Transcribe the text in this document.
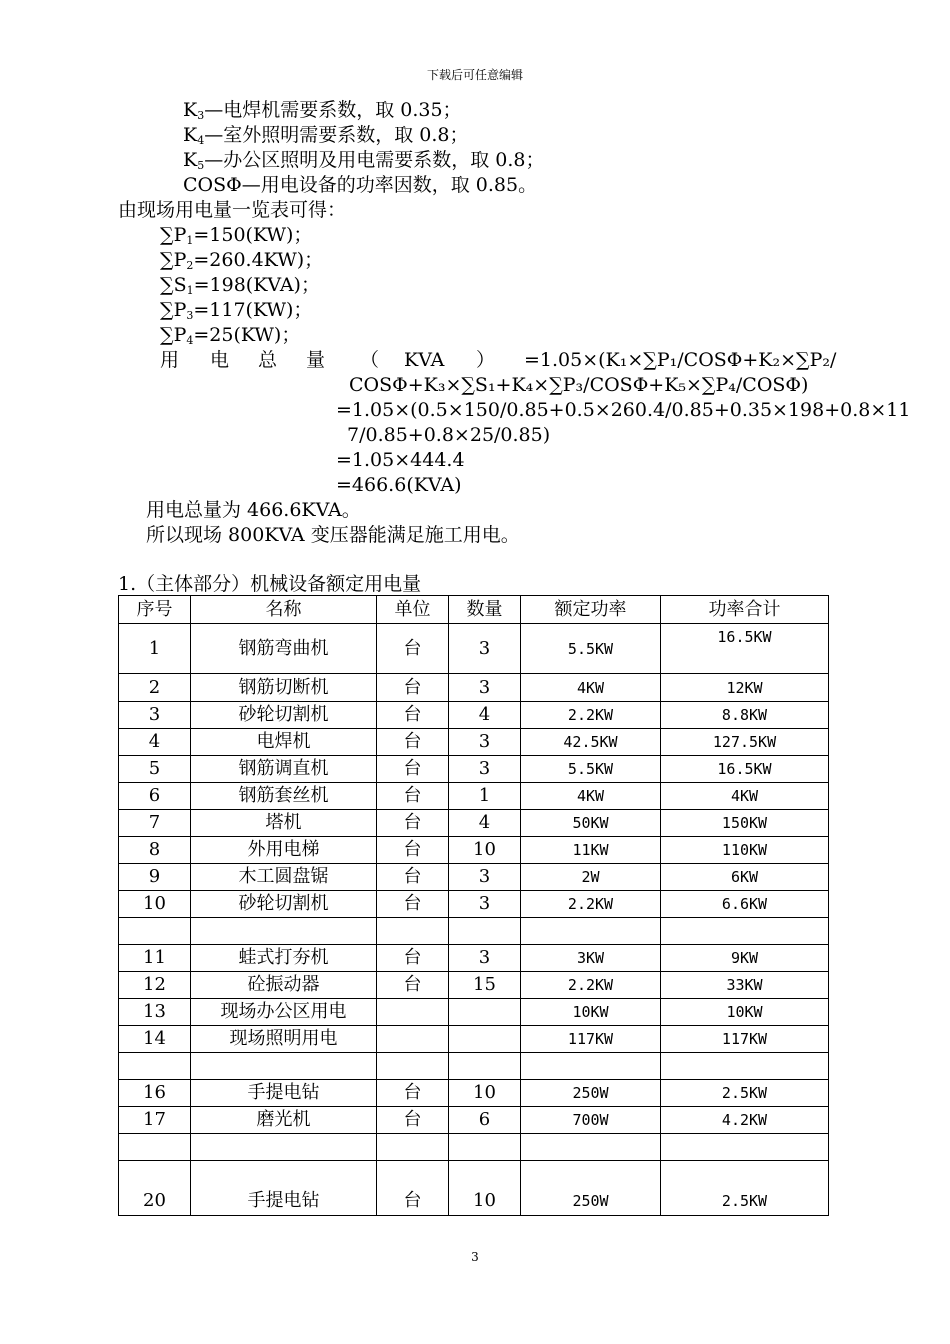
下载后可任意编辑
$K_3—$电焊机需要系数，取 0.35；
$K_4—$室外照明需要系数，取 0.8；
$K_5—$办公区照明及用电需要系数，取 0.8；
COSΦ—用电设备的功率因数，取 0.85。
由现场用电量一览表可得：
$\sum P_1=150(KW)$；
$\sum P_2=260.4KW$)；
$\sum S_1=198(KVA)$；
$\sum P_3=117(KW)$；
$\sum P_4=25(KW)$；
用 电 总 量 （ KVA ） =1.05×(K₁×∑P₁/COSΦ+K₂×∑P₂/
COSΦ+K₃×∑S₁+K₄×∑P₃/COSΦ+K₅×∑P₄/COSΦ)
=1.05×(0.5×150/0.85+0.5×260.4/0.85+0.35×198+0.8×11
7/0.85+0.8×25/0.85)
=1.05×444.4
=466.6(KVA)
用电总量为 466.6KVA。
所以现场 800KVA 变压器能满足施工用电。
1.（主体部分）机械设备额定用电量
序号	名称	单位	数量	额定功率	功率合计
1	钢筋弯曲机	台	3	5.5KW	16.5KW
2	钢筋切断机	台	3	4KW	12KW
3	砂轮切割机	台	4	2.2KW	8.8KW
4	电焊机	台	3	42.5KW	127.5KW
5	钢筋调直机	台	3	5.5KW	16.5KW
6	钢筋套丝机	台	1	4KW	4KW
7	塔机	台	4	50KW	150KW
8	外用电梯	台	10	11KW	110KW
9	木工圆盘锯	台	3	2W	6KW
10	砂轮切割机	台	3	2.2KW	6.6KW

11	蛙式打夯机	台	3	3KW	9KW
12	砼振动器	台	15	2.2KW	33KW
13	现场办公区用电			10KW	10KW
14	现场照明用电			117KW	117KW

16	手提电钻	台	10	250W	2.5KW
17	磨光机	台	6	700W	4.2KW

20	手提电钻	台	10	250W	2.5KW
3
